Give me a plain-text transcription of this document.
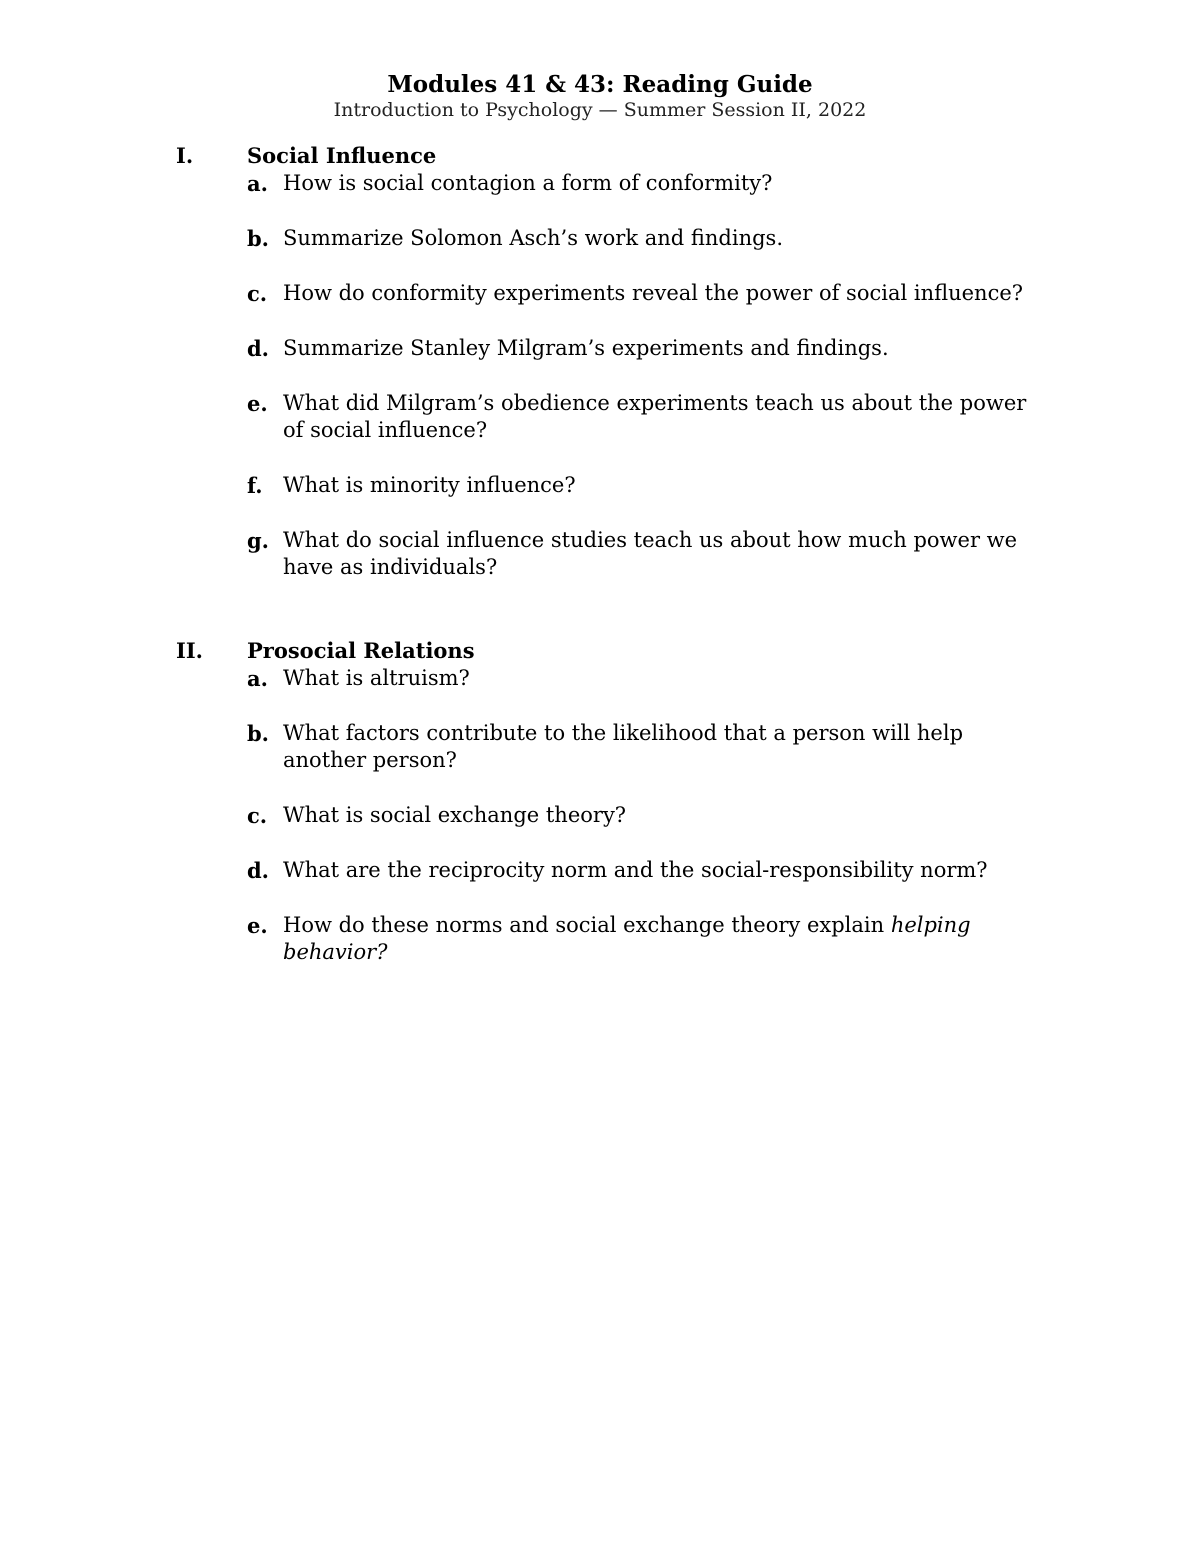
Modules 41 & 43: Reading Guide
Introduction to Psychology — Summer Session II, 2022
I.	Social Influence
a. How is social contagion a form of conformity?
b. Summarize Solomon Asch’s work and findings.
c. How do conformity experiments reveal the power of social influence?
d. Summarize Stanley Milgram’s experiments and findings.
e. What did Milgram’s obedience experiments teach us about the power of social influence?
f. What is minority influence?
g. What do social influence studies teach us about how much power we have as individuals?
II. Prosocial Relations
a. What is altruism?
b. What factors contribute to the likelihood that a person will help another person?
c. What is social exchange theory?
d. What are the reciprocity norm and the social-responsibility norm?
e. How do these norms and social exchange theory explain helping behavior?
